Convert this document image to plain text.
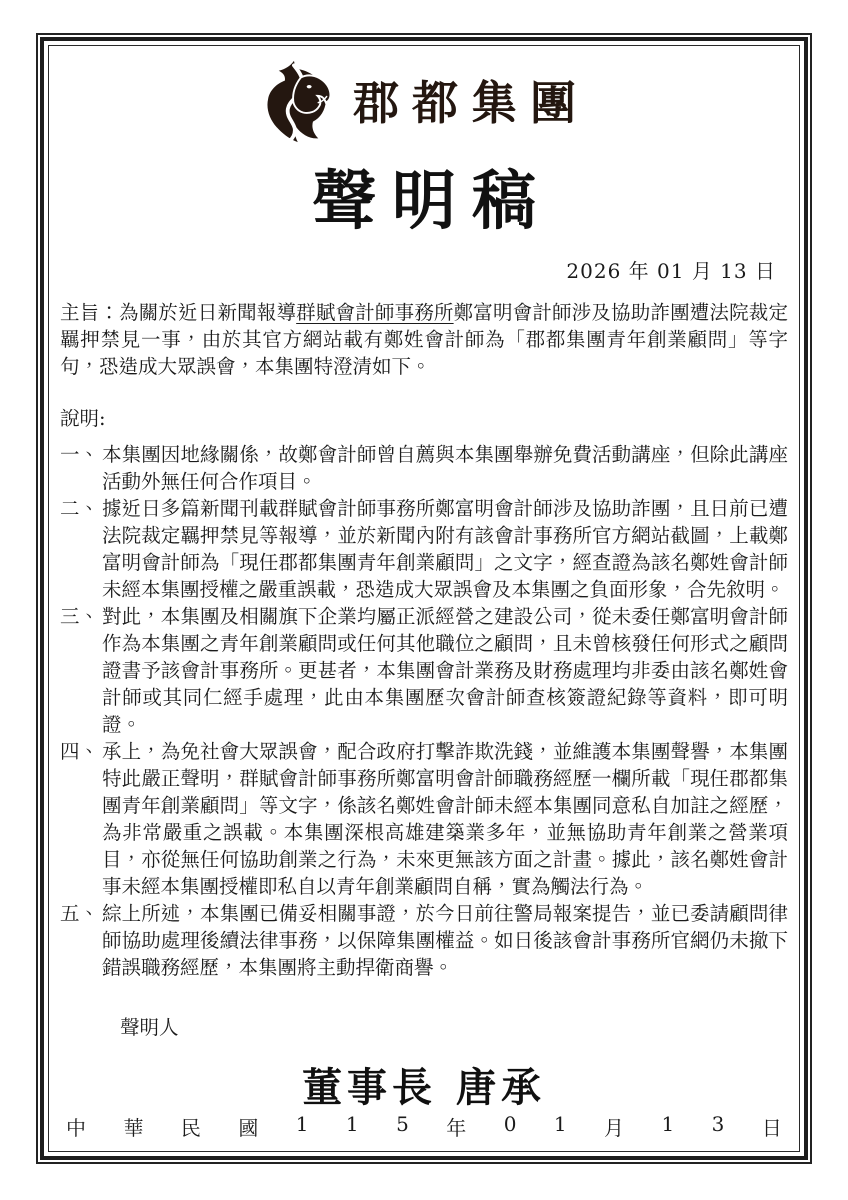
郡都集團
聲明稿
2026 年 01 月 13 日

主旨：為關於近日新聞報導群賦會計師事務所鄭富明會計師涉及協助詐團遭法院裁定羈押禁見一事，由於其官方網站載有鄭姓會計師為「郡都集團青年創業顧問」等字句，恐造成大眾誤會，本集團特澄清如下。

說明:
一、 本集團因地緣關係，故鄭會計師曾自薦與本集團舉辦免費活動講座，但除此講座活動外無任何合作項目。
二、 據近日多篇新聞刊載群賦會計師事務所鄭富明會計師涉及協助詐團，且日前已遭法院裁定羈押禁見等報導，並於新聞內附有該會計事務所官方網站截圖，上載鄭富明會計師為「現任郡都集團青年創業顧問」之文字，經查證為該名鄭姓會計師未經本集團授權之嚴重誤載，恐造成大眾誤會及本集團之負面形象，合先敘明。
三、 對此，本集團及相關旗下企業均屬正派經營之建設公司，從未委任鄭富明會計師作為本集團之青年創業顧問或任何其他職位之顧問，且未曾核發任何形式之顧問證書予該會計事務所。更甚者，本集團會計業務及財務處理均非委由該名鄭姓會計師或其同仁經手處理，此由本集團歷次會計師查核簽證紀錄等資料，即可明證。
四、 承上，為免社會大眾誤會，配合政府打擊詐欺洗錢，並維護本集團聲譽，本集團特此嚴正聲明，群賦會計師事務所鄭富明會計師職務經歷一欄所載「現任郡都集團青年創業顧問」等文字，係該名鄭姓會計師未經本集團同意私自加註之經歷，為非常嚴重之誤載。本集團深根高雄建築業多年，並無協助青年創業之營業項目，亦從無任何協助創業之行為，未來更無該方面之計畫。據此，該名鄭姓會計事未經本集團授權即私自以青年創業顧問自稱，實為觸法行為。
五、 綜上所述，本集團已備妥相關事證，於今日前往警局報案提告，並已委請顧問律師協助處理後續法律事務，以保障集團權益。如日後該會計事務所官網仍未撤下錯誤職務經歷，本集團將主動捍衛商譽。
聲明人
董事長 唐承
中 華 民 國 1 1 5 年 0 1 月 1 3 日
